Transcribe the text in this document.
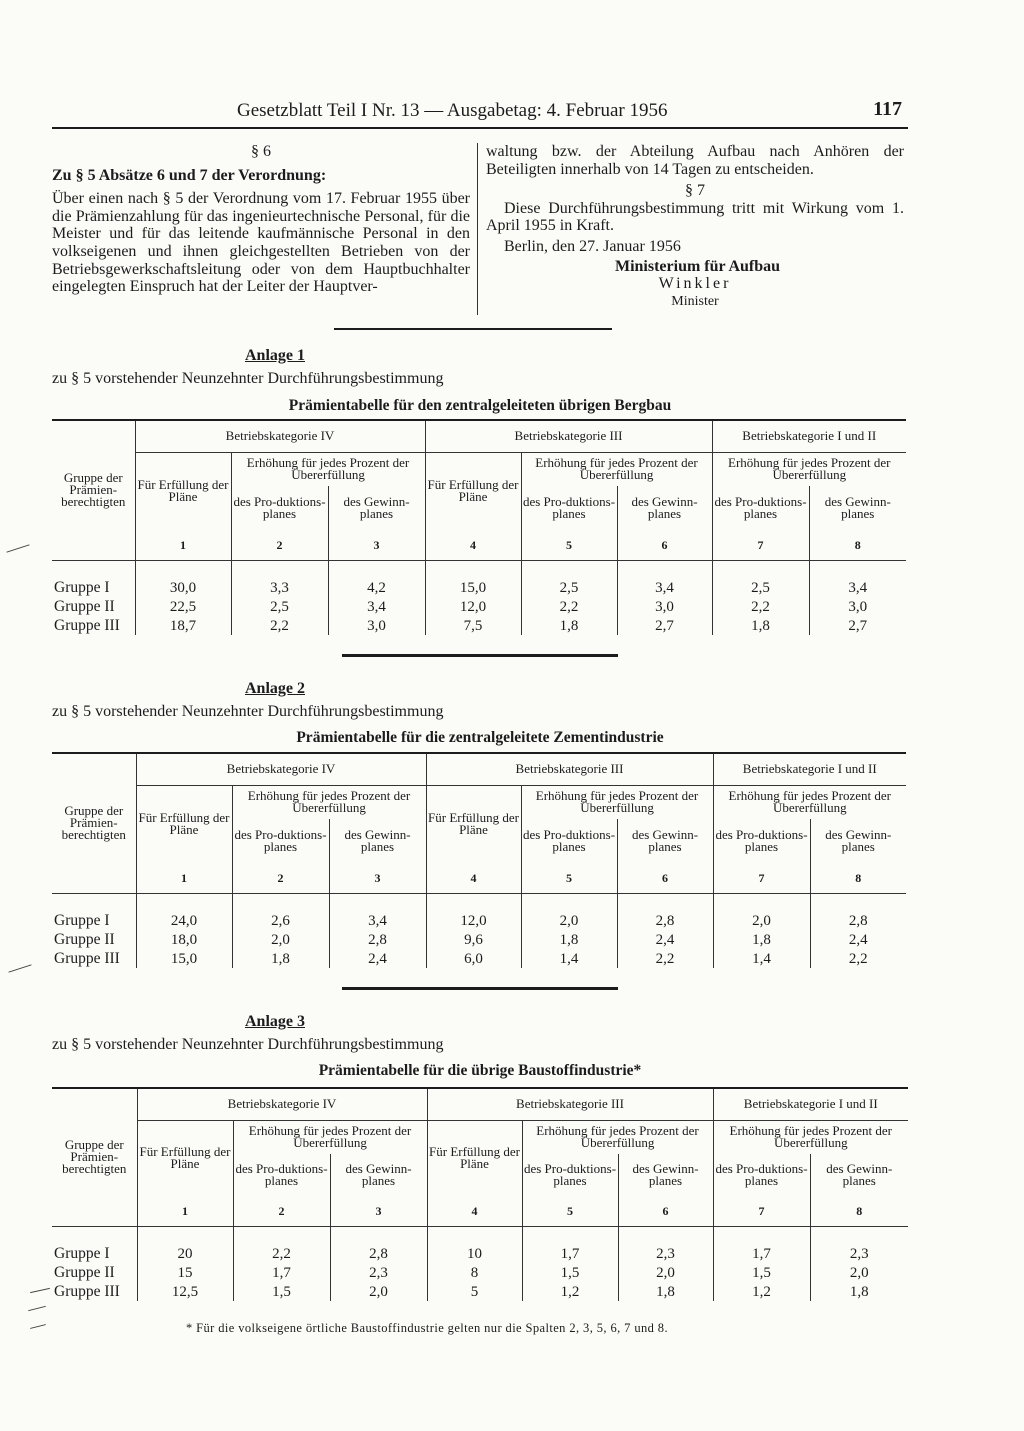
Gesetzblatt Teil I Nr. 13 — Ausgabetag: 4. Februar 1956	117

§ 6

Zu § 5 Absätze 6 und 7 der Verordnung:

Über einen nach § 5 der Verordnung vom 17. Februar 1955 über die Prämienzahlung für das ingenieurtechnische Personal, für die Meister und für das leitende kaufmännische Personal in den volkseigenen und ihnen gleichgestellten Betrieben von der Betriebsgewerkschaftsleitung oder von dem Hauptbuchhalter eingelegten Einspruch hat der Leiter der Hauptver-

waltung bzw. der Abteilung Aufbau nach Anhören der Beteiligten innerhalb von 14 Tagen zu entscheiden.

§ 7

Diese Durchführungsbestimmung tritt mit Wirkung vom 1. April 1955 in Kraft.

Berlin, den 27. Januar 1956

Ministerium für Aufbau

Winkler

Minister

Anlage 1
zu § 5 vorstehender Neunzehnter Durchführungsbestimmung
Prämientabelle für den zentralgeleiteten übrigen Bergbau
Gruppe der Prämien-berechtigten	Betriebskategorie IV			Betriebskategorie III			Betriebskategorie I und II	
	Für Erfüllung der Pläne	Erhöhung für jedes Prozent der Übererfüllung		Für Erfüllung der Pläne	Erhöhung für jedes Prozent der Übererfüllung		Erhöhung für jedes Prozent der Übererfüllung	
		des Pro-duktions-planes	des Gewinn-planes		des Pro-duktions-planes	des Gewinn-planes	des Pro-duktions-planes	des Gewinn-planes
	1	2	3	4	5	6	7	8

Gruppe I	30,0	3,3	4,2	15,0	2,5	3,4	2,5	3,4
Gruppe II	22,5	2,5	3,4	12,0	2,2	3,0	2,2	3,0
Gruppe III	18,7	2,2	3,0	7,5	1,8	2,7	1,8	2,7
Anlage 2
zu § 5 vorstehender Neunzehnter Durchführungsbestimmung
Prämientabelle für die zentralgeleitete Zementindustrie
Gruppe der Prämien-berechtigten	Betriebskategorie IV			Betriebskategorie III			Betriebskategorie I und II	
	Für Erfüllung der Pläne	Erhöhung für jedes Prozent der Übererfüllung		Für Erfüllung der Pläne	Erhöhung für jedes Prozent der Übererfüllung		Erhöhung für jedes Prozent der Übererfüllung	
		des Pro-duktions-planes	des Gewinn-planes		des Pro-duktions-planes	des Gewinn-planes	des Pro-duktions-planes	des Gewinn-planes
	1	2	3	4	5	6	7	8

Gruppe I	24,0	2,6	3,4	12,0	2,0	2,8	2,0	2,8
Gruppe II	18,0	2,0	2,8	9,6	1,8	2,4	1,8	2,4
Gruppe III	15,0	1,8	2,4	6,0	1,4	2,2	1,4	2,2
Anlage 3
zu § 5 vorstehender Neunzehnter Durchführungsbestimmung
Prämientabelle für die übrige Baustoffindustrie*
Gruppe der Prämien-berechtigten	Betriebskategorie IV			Betriebskategorie III			Betriebskategorie I und II	
	Für Erfüllung der Pläne	Erhöhung für jedes Prozent der Übererfüllung		Für Erfüllung der Pläne	Erhöhung für jedes Prozent der Übererfüllung		Erhöhung für jedes Prozent der Übererfüllung	
		des Pro-duktions-planes	des Gewinn-planes		des Pro-duktions-planes	des Gewinn-planes	des Pro-duktions-planes	des Gewinn-planes
	1	2	3	4	5	6	7	8

Gruppe I	20	2,2	2,8	10	1,7	2,3	1,7	2,3
Gruppe II	15	1,7	2,3	8	1,5	2,0	1,5	2,0
Gruppe III	12,5	1,5	2,0	5	1,2	1,8	1,2	1,8
* Für die volkseigene örtliche Baustoffindustrie gelten nur die Spalten 2, 3, 5, 6, 7 und 8.
